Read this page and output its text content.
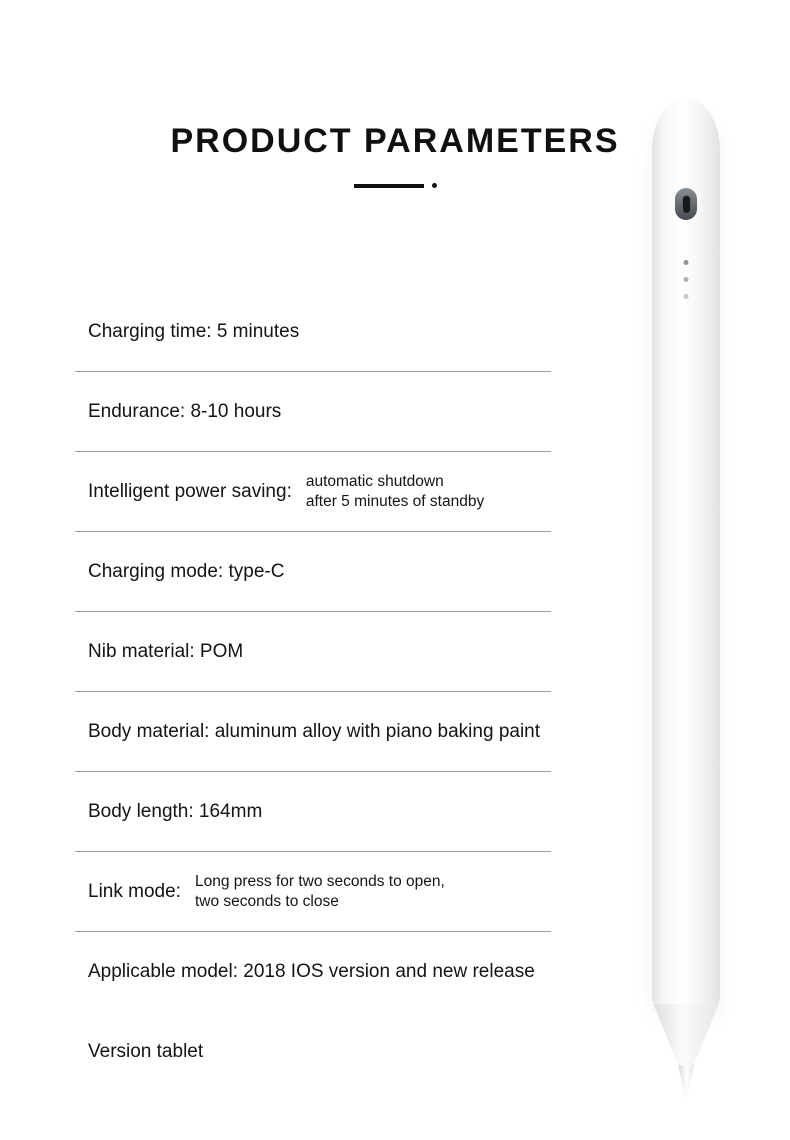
PRODUCT PARAMETERS
Charging time: 5 minutes
Endurance: 8-10 hours
Intelligent power saving: automatic shutdown
after 5 minutes of standby
Charging mode: type-C
Nib material: POM
Body material: aluminum alloy with piano baking paint
Body length: 164mm
Link mode: Long press for two seconds to open,
two seconds to close
Applicable model: 2018 IOS version and new release
Version tablet
